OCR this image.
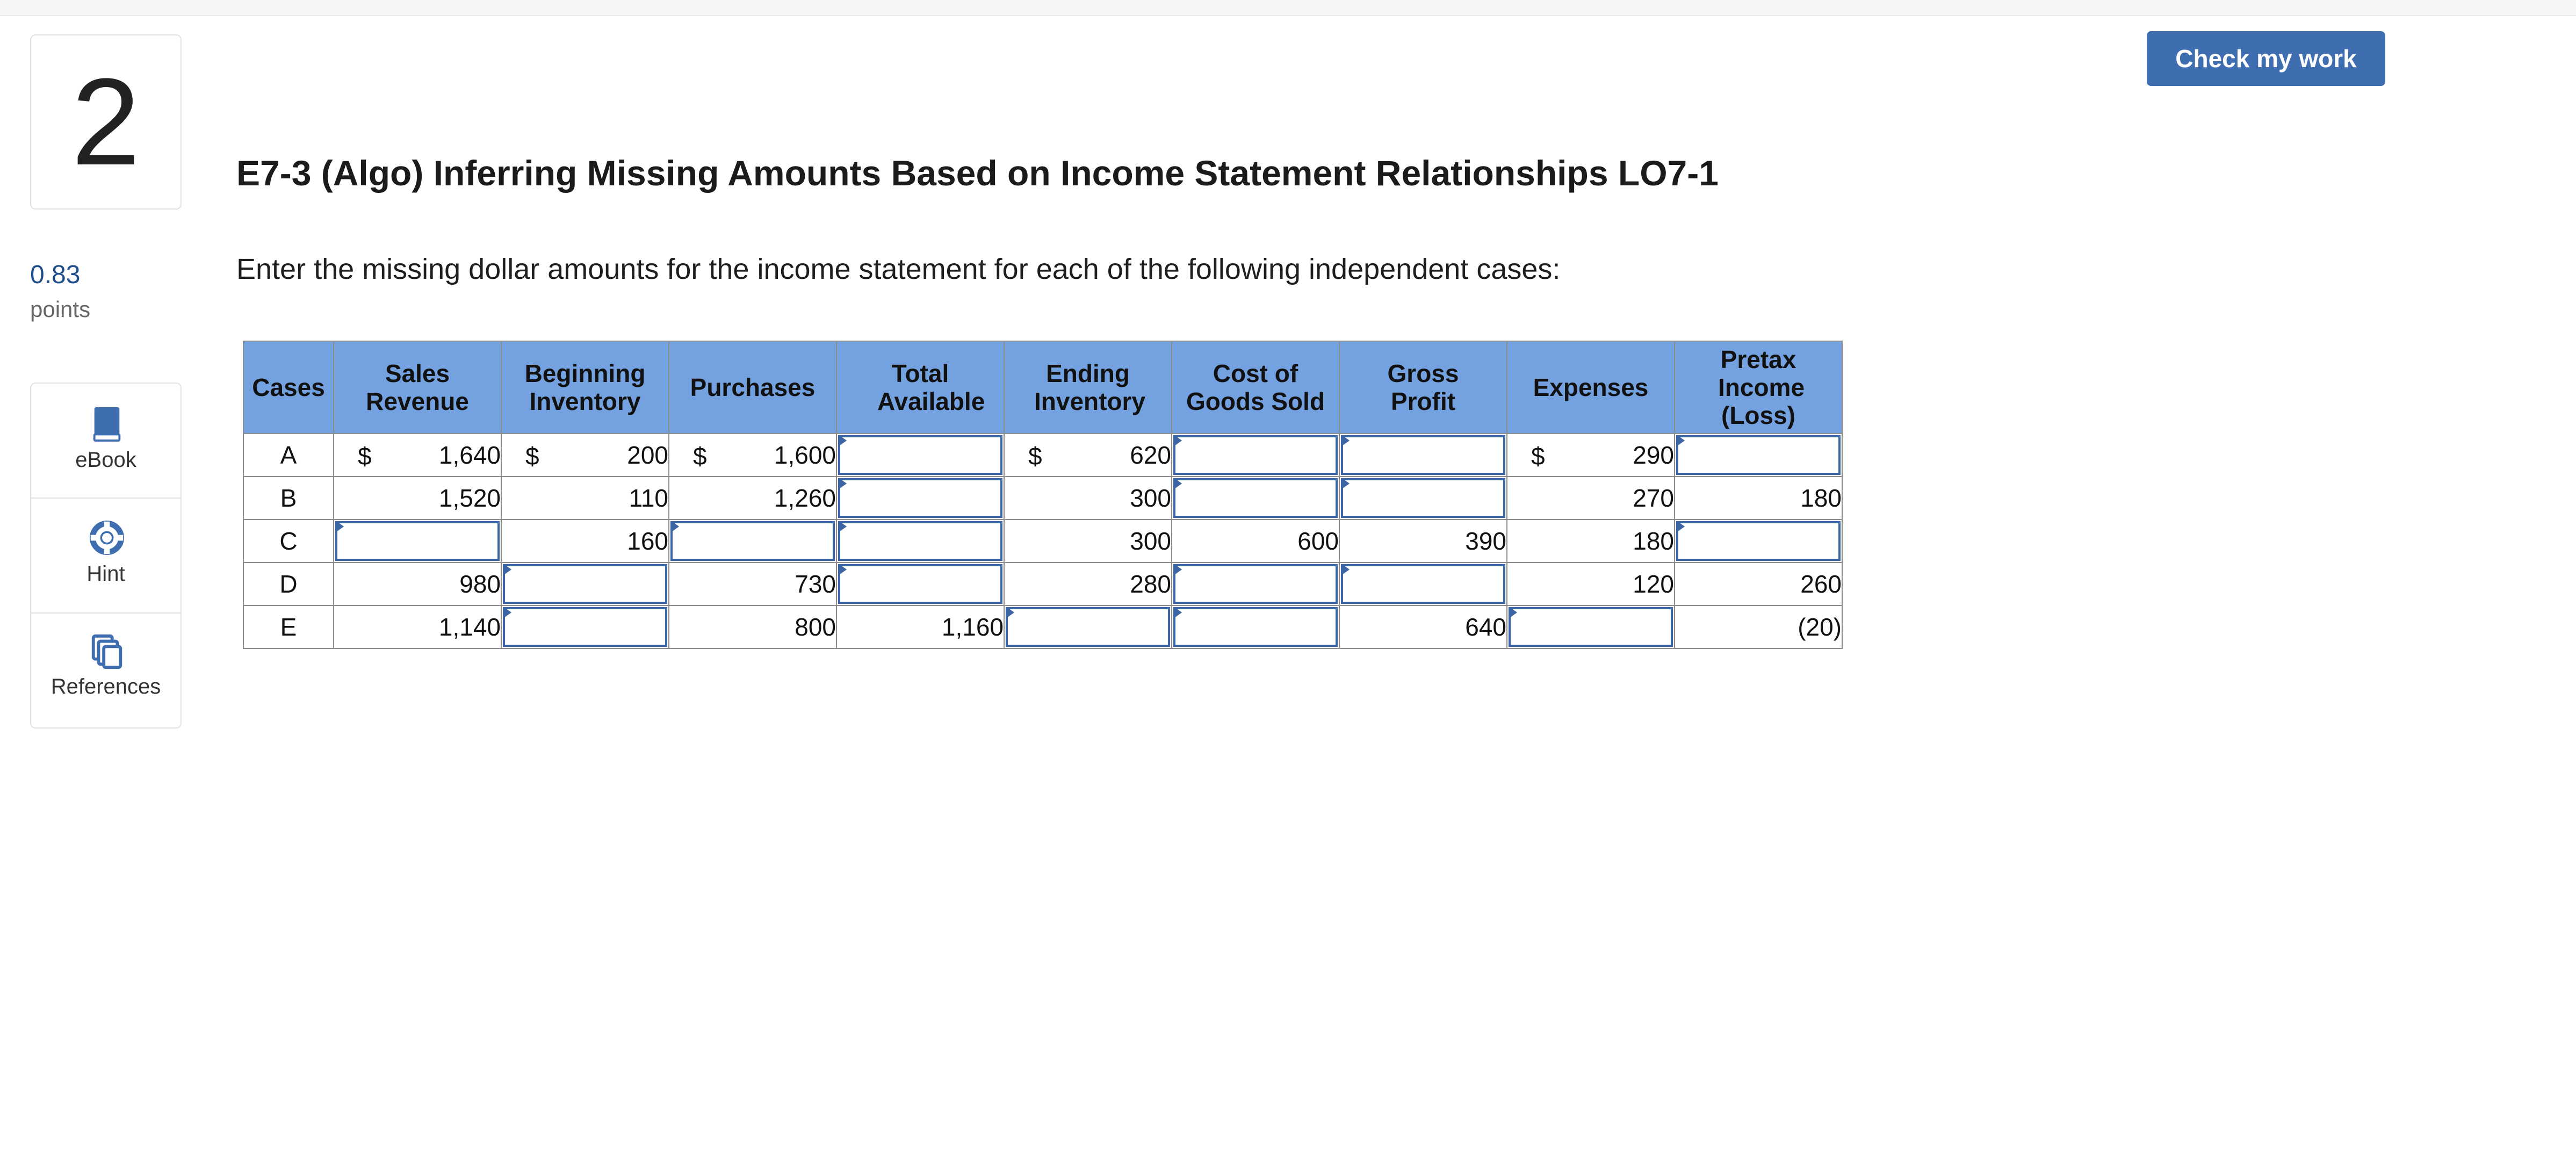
2
0.83
points
eBook
Hint
References
Check my work
E7-3 (Algo) Inferring Missing Amounts Based on Income Statement Relationships LO7-1
Enter the missing dollar amounts for the income statement for each of the following independent cases:
Cases	Sales Revenue	Beginning Inventory	Purchases	Total Available	Ending Inventory	Cost of Goods Sold	Gross Profit	Expenses	Pretax Income (Loss)
A	$ 1,640	$ 200	$ 1,600		$ 620			$ 290	

B	1,520	110	1,260		300			270	180
C		160			300	600	390	180	

D	980		730		280			120	260
E	1,140		800	1,160			640		(20)
